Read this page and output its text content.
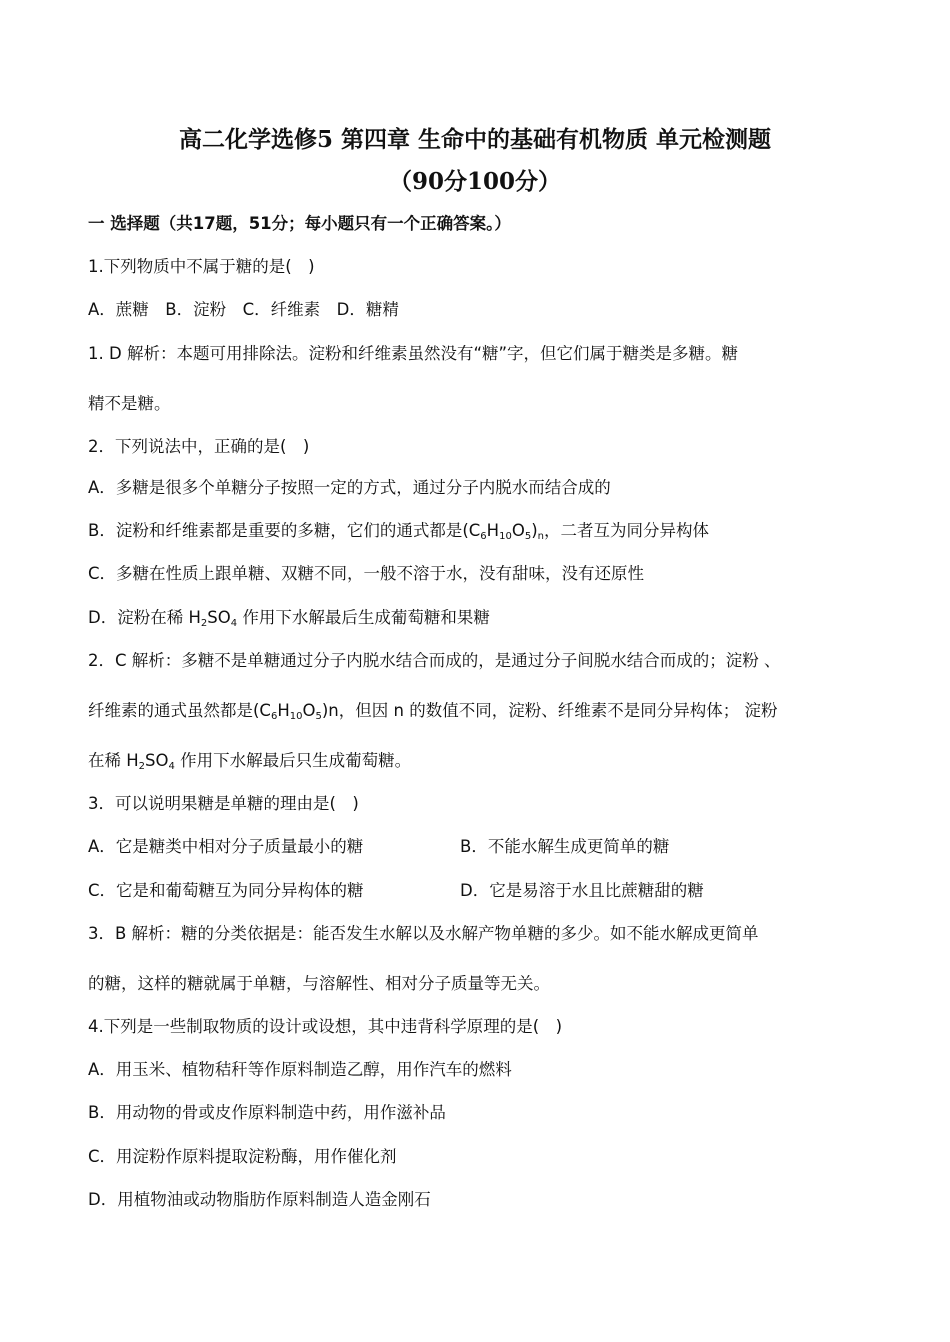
高二化学选修5 第四章 生命中的基础有机物质 单元检测题
（90分100分）
一 选择题（共17题，51分；每小题只有一个正确答案。）
1.下列物质中不属于糖的是(　)
A．蔗糖　B．淀粉　C．纤维素　D．糖精
1. D 解析：本题可用排除法。淀粉和纤维素虽然没有“糖”字，但它们属于糖类是多糖。糖
精不是糖。
2．下列说法中，正确的是(　)
A．多糖是很多个单糖分子按照一定的方式，通过分子内脱水而结合成的
B．淀粉和纤维素都是重要的多糖，它们的通式都是$(C_6H_{10}O_5)_n$，二者互为同分异构体
C．多糖在性质上跟单糖、双糖不同，一般不溶于水，没有甜味，没有还原性
D．淀粉在稀 $H_2SO_4$ 作用下水解最后生成葡萄糖和果糖
2．C 解析：多糖不是单糖通过分子内脱水结合而成的，是通过分子间脱水结合而成的；淀粉 、
纤维素的通式虽然都是$(C_6H_{10}O_5)n$，但因 n 的数值不同，淀粉、纤维素不是同分异构体； 淀粉
在稀 $H_2SO_4$ 作用下水解最后只生成葡萄糖。
3．可以说明果糖是单糖的理由是(　)
A．它是糖类中相对分子质量最小的糖	B．不能水解生成更简单的糖
C．它是和葡萄糖互为同分异构体的糖	D．它是易溶于水且比蔗糖甜的糖
3．B 解析：糖的分类依据是：能否发生水解以及水解产物单糖的多少。如不能水解成更简单
的糖，这样的糖就属于单糖，与溶解性、相对分子质量等无关。
4.下列是一些制取物质的设计或设想，其中违背科学原理的是(　)
A．用玉米、植物秸秆等作原料制造乙醇，用作汽车的燃料
B．用动物的骨或皮作原料制造中药，用作滋补品
C．用淀粉作原料提取淀粉酶，用作催化剂
D．用植物油或动物脂肪作原料制造人造金刚石
